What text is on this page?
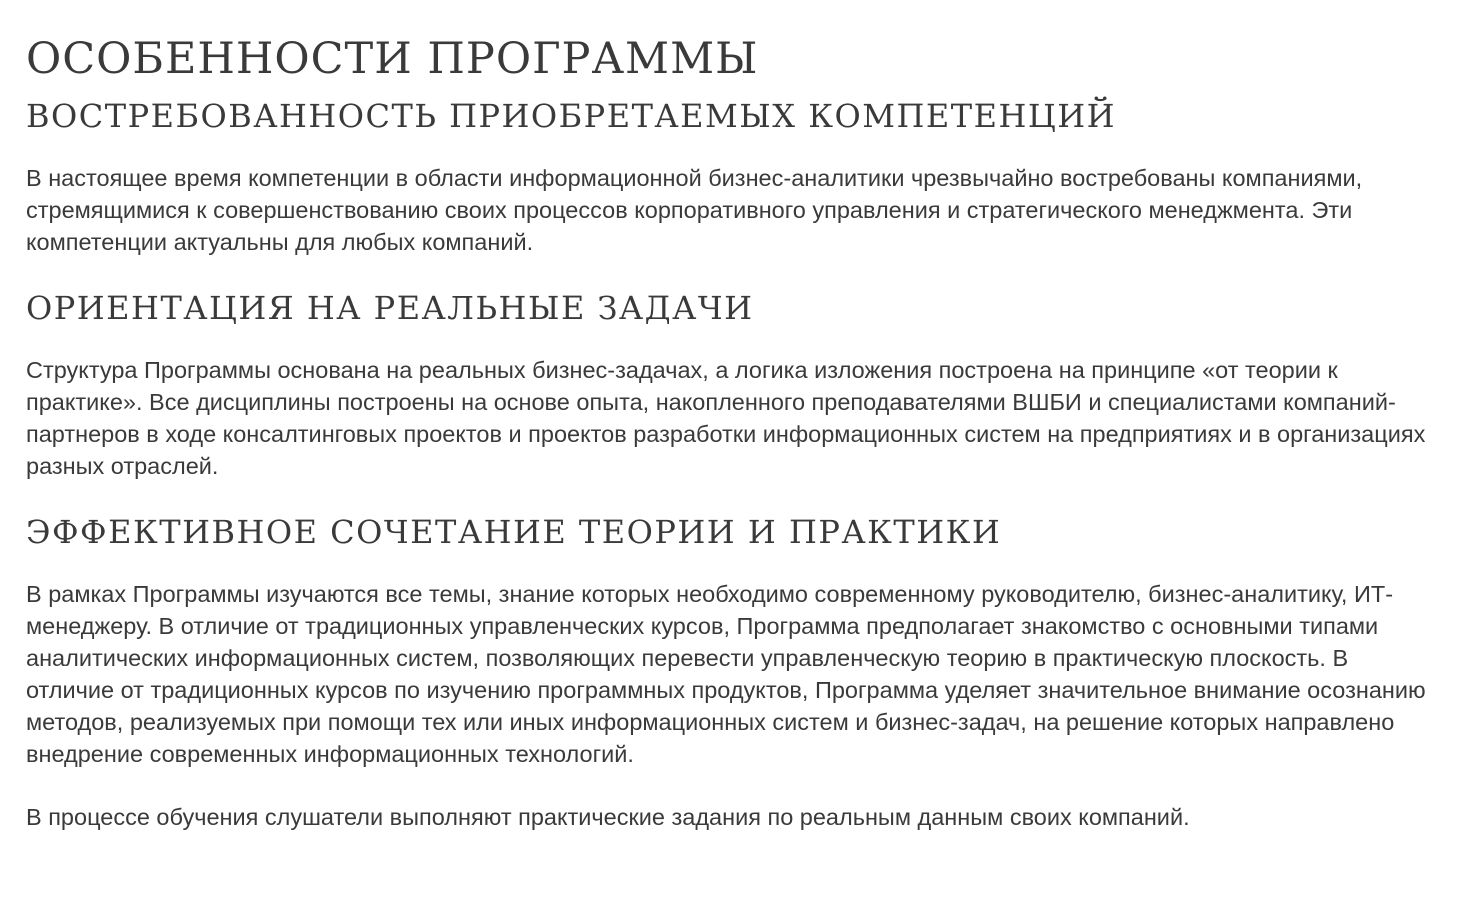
ОСОБЕННОСТИ ПРОГРАММЫ
ВОСТРЕБОВАННОСТЬ ПРИОБРЕТАЕМЫХ КОМПЕТЕНЦИЙ

В настоящее время компетенции в области информационной бизнес-аналитики чрезвычайно востребованы компаниями, стремящимися к совершенствованию своих процессов корпоративного управления и стратегического менеджмента. Эти компетенции актуальны для любых компаний.

ОРИЕНТАЦИЯ НА РЕАЛЬНЫЕ ЗАДАЧИ

Структура Программы основана на реальных бизнес-задачах, а логика изложения построена на принципе «от теории к практике». Все дисциплины построены на основе опыта, накопленного преподавателями ВШБИ и специалистами компаний-партнеров в ходе консалтинговых проектов и проектов разработки информационных систем на предприятиях и в организациях разных отраслей.

ЭФФЕКТИВНОЕ СОЧЕТАНИЕ ТЕОРИИ И ПРАКТИКИ

В рамках Программы изучаются все темы, знание которых необходимо современному руководителю, бизнес-аналитику, ИТ-менеджеру. В отличие от традиционных управленческих курсов, Программа предполагает знакомство с основными типами аналитических информационных систем, позволяющих перевести управленческую теорию в практическую плоскость. В отличие от традиционных курсов по изучению программных продуктов, Программа уделяет значительное внимание осознанию методов, реализуемых при помощи тех или иных информационных систем и бизнес-задач, на решение которых направлено внедрение современных информационных технологий.

В процессе обучения слушатели выполняют практические задания по реальным данным своих компаний.
